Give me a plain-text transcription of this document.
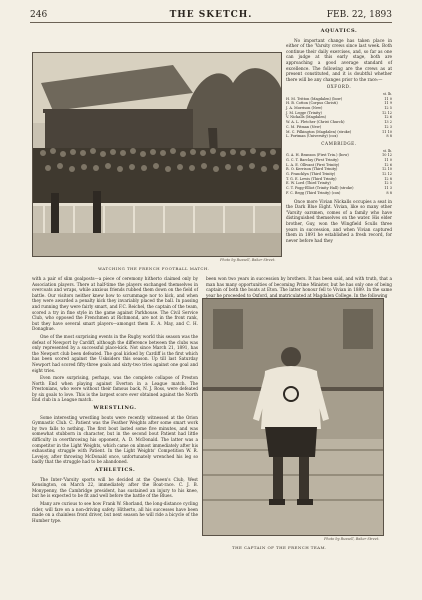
246	THE SKETCH.	FEB. 22, 1893
Photo by Russell, Baker Street.
WATCHING THE FRENCH FOOTBALL MATCH.
AQUATICS.

No important change has taken place in either of the 'Varsity crews since last week. Both continue their daily exercises, and, so far as one can judge at this early stage, both are approaching a good average standard of excellence. The following are the crews as at present constituted, and it is doubtful whether there will be any changes prior to the race:—

OXFORD.
	st. lb.
H. M. Tritton (Magdalen) (bow)	11 0
H. B. Cotton (Corpus Christi)	11 9
J. A. Morrison (New)	12 5
J. M. Legge (Trinity)	12 12
V. Nickalls (Magdalen)	12 6
W. A. L. Fletcher (Christ Church)	13 2
C. M. Pitman (New)	12 3
M. C. Pilkington (Magdalen) (stroke)	11 10
L. Portman (University) (cox)	8 8
CAMBRIDGE.
	st. lb.
G. A. H. Branson (First Trin.) (bow)	10 12
G. C. T. Barclay (First Trinity)	11 0
L. A. E. Ollivant (First Trinity)	12 6
R. O. Kerrison (Third Trinity)	12 10
G. Francklyn (Third Trinity)	12 12
T. G. E. Lewis (Third Trinity)	12 8
E. W. Lord (Third Trinity)	12 5
C. T. Fogg-Elliot (Trinity Hall) (stroke)	11 3
F. C. Begg (Third Trinity) (cox)	8 8

Once more Vivian Nickalls occupies a seat in the Dark Blue Eight. Vivian, like so many other 'Varsity oarsmen, comes of a family who have distinguished themselves on the water. His elder brother, Guy, won the Wingfield Sculls three years in succession, and when Vivian captured them in 1891 he established a fresh record, for never before had they

been won two years in succession by brothers. It has been said, and with truth, that a man has many opportunities of becoming Prime Minister, but he has only one of being captain of both the boats at Eton. The latter honour fell to Vivian in 1889. In the same year he proceeded to Oxford, and matriculated at Magdalen College. In the following

with a pair of slim goalposts—a piece of ceremony hitherto claimed only by Association players. There at half-time the players exchanged themselves in overcoats and wraps, while anxious friends rubbed them down on the field of battle. Our visitors neither knew how to scrummage nor to kick, and when they were awarded a penalty kick they invariably placed the ball. In passing and running they were fairly smart, and F.C. Reichel, the captain of the team, scored a try in fine style in the game against Parkhouse. The Civil Service Club, who opposed the Frenchmen at Richmond, are not in the front rank, but they have several smart players—amongst them E. A. May, and C. H. Donaghue.

One of the most surprising events in the Rugby world this season was the defeat of Newport by Cardiff, although the difference between the clubs was only represented by a successful place-kick. Not since March 21, 1891, has the Newport club been defeated. The goal kicked by Cardiff is the first which has been scored against the Usksiders this season. Up till last Saturday Newport had scored fifty-three goals and sixty-two tries against one goal and eight tries.

Even more surprising, perhaps, was the complete collapse of Preston North End when playing against Everton in a League match. The Prestonians, who were without their famous back, N. J. Ross, were defeated by six goals to love. This is the largest score ever obtained against the North End club in a League match.

WRESTLING.

Some interesting wrestling bouts were recently witnessed at the Orion Gymnastic Club. C. Patient was the Feather Weights after some smart work by two falls to nothing. The first bout lasted some five minutes, and was somewhat stubborn in character, but in the second bout Patient had little difficulty in overthrowing his opponent, A. D. McDonald. The latter was a competitor in the Light Weights, which came on almost immediately after his exhausting struggle with Patient. In the Light Weights' Competition W. R. Lovejoy, after throwing McDonald once, unfortunately wrenched his leg so badly that the struggle had to be abandoned.

ATHLETICS.

The Inter-'Varsity sports will be decided at the Queen's Club, West Kensington, on March 22, immediately after the Boat-race. C. J. B. Monypenny, the Cambridge president, has sustained an injury to his knee, but he is expected to be fit and well before the battle of the Blues.

Many are curious to see how Frank W. Shorland, the long-distance cycling rider, will fare on a non-driving safety. Hitherto, all his successes have been made on a chainless front driver, but next season he will ride a bicycle of the Humber type.

Photo by Russell, Baker Street.
THE CAPTAIN OF THE FRENCH TEAM.
